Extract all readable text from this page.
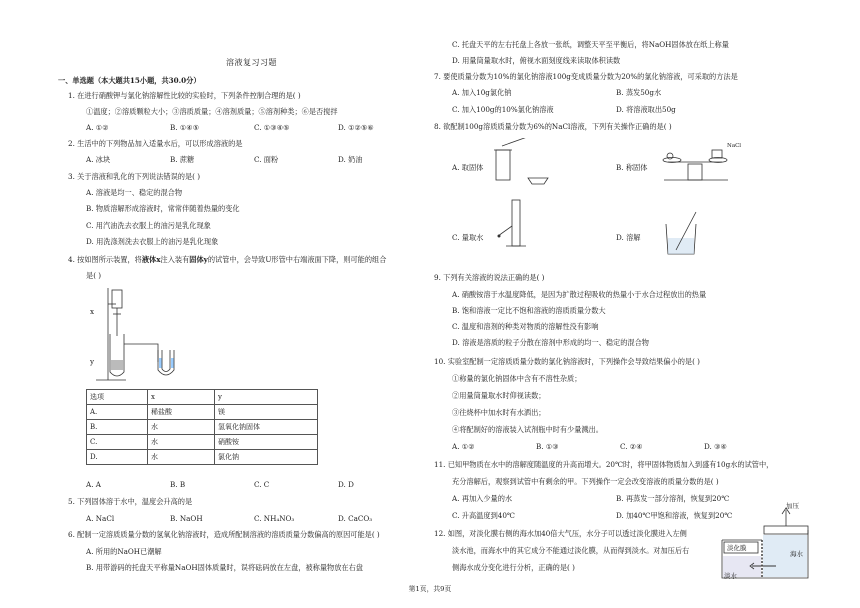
溶液复习习题
一、单选题（本大题共15小题，共30.0分）
1. 在进行硝酸钾与氯化钠溶解性比较的实验时，下列条件控制合理的是( )
①温度；②溶质颗粒大小；③溶质质量；④溶剂质量；⑤溶剂种类；⑥是否搅拌
A. ①②	B. ①④⑤	C. ①③④⑤	D. ①②⑤⑥
2. 生活中的下列物品加入适量水后，可以形成溶液的是
A. 冰块	B. 蔗糖	C. 面粉	D. 奶油
3. 关于溶液和乳化的下列说法错误的是( )
A. 溶液是均一、稳定的混合物
B. 物质溶解形成溶液时，常常伴随着热量的变化
C. 用汽油洗去衣服上的油污是乳化现象
D. 用洗涤剂洗去衣服上的油污是乳化现象
4. 按如图所示装置，将液体x注入装有固体y的试管中，会导致U形管中右端液面下降，则可能的组合
是( )
x
y
选项	x	y
A.	稀盐酸	镁
B.	水	氢氧化钠固体
C.	水	硝酸铵
D.	水	氯化钠
A. A	B. B	C. C	D. D
5. 下列固体溶于水中，温度会升高的是
A. NaCl	B. NaOH	C. NH₄NO₃	D. CaCO₃
6. 配制一定溶质质量分数的氢氧化钠溶液时，造成所配制溶液的溶质质量分数偏高的原因可能是( )
A. 所用的NaOH已潮解
B. 用带游码的托盘天平称量NaOH固体质量时，误将砝码放在左盘，被称量物放在右盘
C. 托盘天平的左右托盘上各放一张纸，调整天平至平衡后，将NaOH固体放在纸上称量
D. 用量筒量取水时，俯视水面刻度线来读取体积读数
7. 要使质量分数为10%的氯化钠溶液100g变成质量分数为20%的氯化钠溶液，可采取的方法是
A. 加入10g氯化钠	B. 蒸发50g水
C. 加入100g的10%氯化钠溶液	D. 将溶液取出50g
8. 欲配制100g溶质质量分数为6%的NaCl溶液，下列有关操作正确的是( )
A. 取固体
NaCl
B. 称固体
C. 量取水	D. 溶解
9. 下列有关溶液的说法正确的是( )
A. 硝酸铵溶于水温度降低，是因为扩散过程吸收的热量小于水合过程放出的热量
B. 饱和溶液一定比不饱和溶液的溶质质量分数大
C. 温度和溶剂的种类对物质的溶解性没有影响
D. 溶液是溶质的粒子分散在溶剂中形成的均一、稳定的混合物
10. 实验室配制一定溶质质量分数的氯化钠溶液时，下列操作会导致结果偏小的是( )
①称量的氯化钠固体中含有不溶性杂质；
②用量筒量取水时仰视读数；
③往烧杯中加水时有水洒出；
④将配制好的溶液装入试剂瓶中时有少量溅出。
A. ①②	B. ①③	C. ②④	D. ③④
11. 已知甲物质在水中的溶解度随温度的升高而增大。20℃时，将甲固体物质加入到盛有10g水的试管中，
充分溶解后，观察到试管中有剩余的甲。下列操作一定会改变溶液的质量分数的是( )
A. 再加入少量的水	B. 再蒸发一部分溶剂，恢复到20℃
C. 升高温度到40℃	D. 加40℃甲饱和溶液，恢复到20℃
12. 如图，对淡化膜右侧的海水加40倍大气压，水分子可以透过淡化膜进入左侧
淡水池，而海水中的其它成分不能通过淡化膜，从而得到淡水。对加压后右
侧海水成分变化进行分析，正确的是( )
加压
淡化膜
海水
淡水
第1页，共9页
